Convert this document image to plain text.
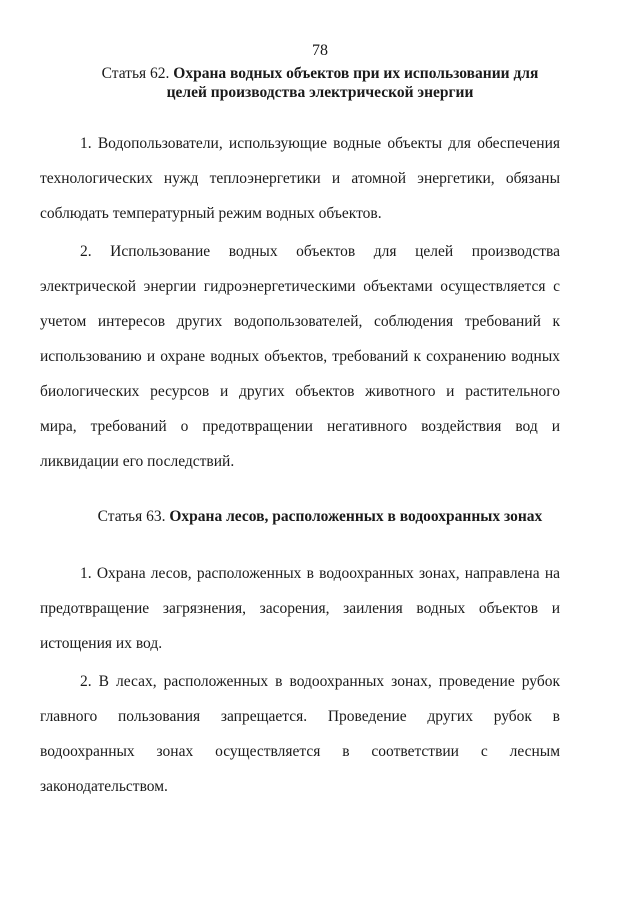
78
Статья 62. Охрана водных объектов при их использовании для
целей производства электрической энергии

1. Водопользователи, использующие водные объекты для обеспечения
технологических нужд теплоэнергетики и атомной энергетики, обязаны
соблюдать температурный режим водных объектов.

2. Использование водных объектов для целей производства
электрической энергии гидроэнергетическими объектами осуществляется с
учетом интересов других водопользователей, соблюдения требований к
использованию и охране водных объектов, требований к сохранению водных
биологических ресурсов и других объектов животного и растительного
мира, требований о предотвращении негативного воздействия вод и
ликвидации его последствий.

Статья 63. Охрана лесов, расположенных в водоохранных зонах

1. Охрана лесов, расположенных в водоохранных зонах, направлена на
предотвращение загрязнения, засорения, заиления водных объектов и
истощения их вод.

2. В лесах, расположенных в водоохранных зонах, проведение рубок
главного пользования запрещается. Проведение других рубок в
водоохранных зонах осуществляется в соответствии с лесным
законодательством.
